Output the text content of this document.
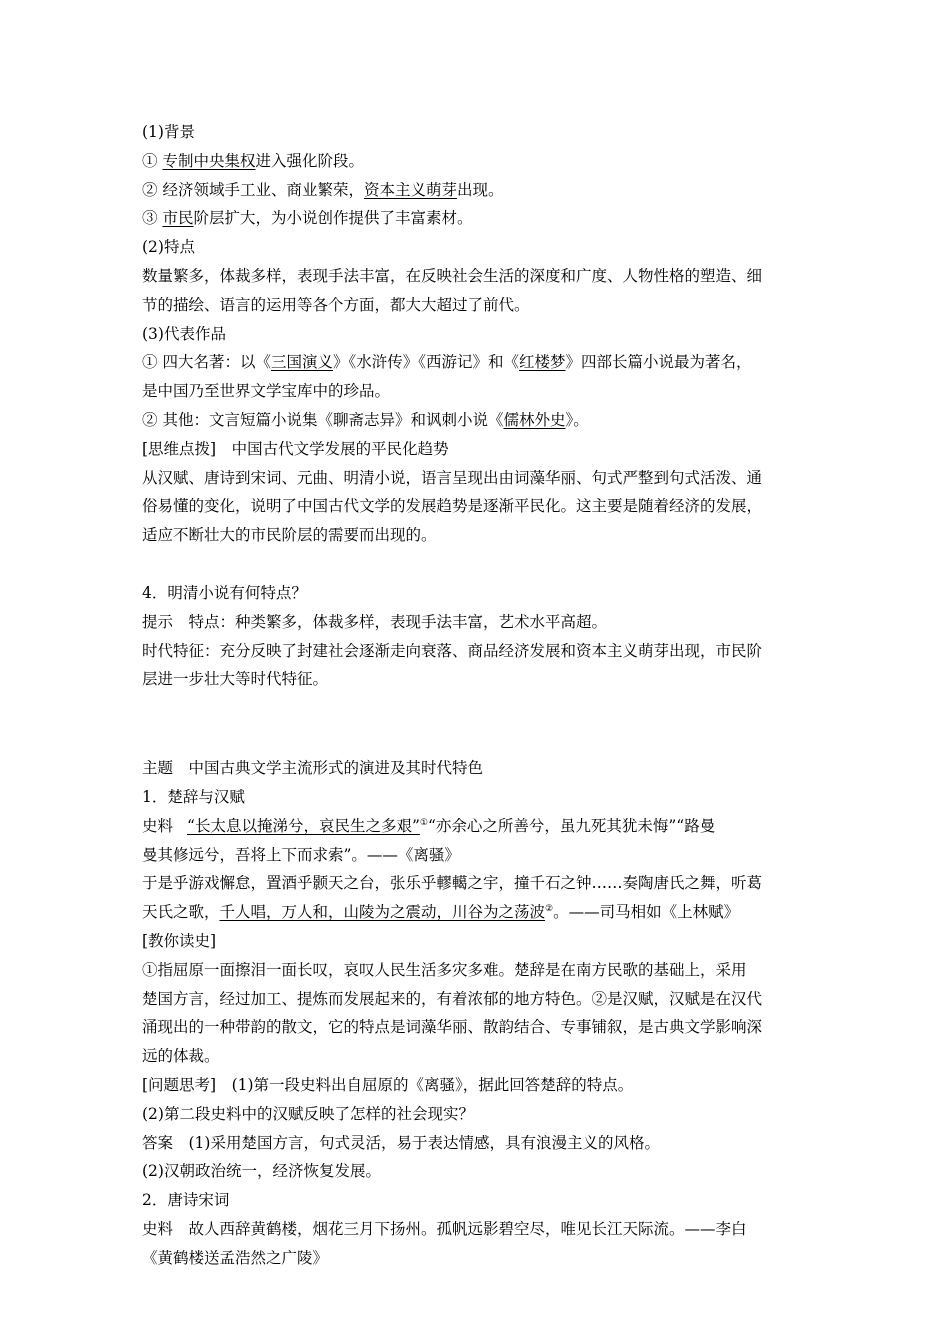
(1)背景
① 专制中央集权进入强化阶段。
② 经济领域手工业、商业繁荣，资本主义萌芽出现。
③ 市民阶层扩大，为小说创作提供了丰富素材。
(2)特点
数量繁多，体裁多样，表现手法丰富，在反映社会生活的深度和广度、人物性格的塑造、细
节的描绘、语言的运用等各个方面，都大大超过了前代。
(3)代表作品
① 四大名著：以《三国演义》《水浒传》《西游记》和《红楼梦》四部长篇小说最为著名，
是中国乃至世界文学宝库中的珍品。
② 其他：文言短篇小说集《聊斋志异》和讽刺小说《儒林外史》。
[思维点拨]　中国古代文学发展的平民化趋势
从汉赋、唐诗到宋词、元曲、明清小说，语言呈现出由词藻华丽、句式严整到句式活泼、通
俗易懂的变化，说明了中国古代文学的发展趋势是逐渐平民化。这主要是随着经济的发展，
适应不断壮大的市民阶层的需要而出现的。
4．明清小说有何特点？
提示　特点：种类繁多，体裁多样，表现手法丰富，艺术水平高超。
时代特征：充分反映了封建社会逐渐走向衰落、商品经济发展和资本主义萌芽出现，市民阶
层进一步壮大等时代特征。
主题　中国古典文学主流形式的演进及其时代特色
1．楚辞与汉赋
史料 “长太息以掩涕兮，哀民生之多艰”①“亦余心之所善兮，虽九死其犹未悔”“路曼
曼其修远兮，吾将上下而求索”。——《离骚》
于是乎游戏懈怠，置酒乎颢天之台，张乐乎轇轕之宇，撞千石之钟……奏陶唐氏之舞，听葛
天氏之歌，千人唱，万人和，山陵为之震动，川谷为之荡波②。——司马相如《上林赋》
[教你读史]
①指屈原一面擦泪一面长叹，哀叹人民生活多灾多难。楚辞是在南方民歌的基础上，采用
楚国方言，经过加工、提炼而发展起来的，有着浓郁的地方特色。②是汉赋，汉赋是在汉代
涌现出的一种带韵的散文，它的特点是词藻华丽、散韵结合、专事铺叙，是古典文学影响深
远的体裁。
[问题思考]　(1)第一段史料出自屈原的《离骚》，据此回答楚辞的特点。
(2)第二段史料中的汉赋反映了怎样的社会现实？
答案　(1)采用楚国方言，句式灵活，易于表达情感，具有浪漫主义的风格。
(2)汉朝政治统一，经济恢复发展。
2．唐诗宋词
史料　故人西辞黄鹤楼，烟花三月下扬州。孤帆远影碧空尽，唯见长江天际流。——李白
《黄鹤楼送孟浩然之广陵》
